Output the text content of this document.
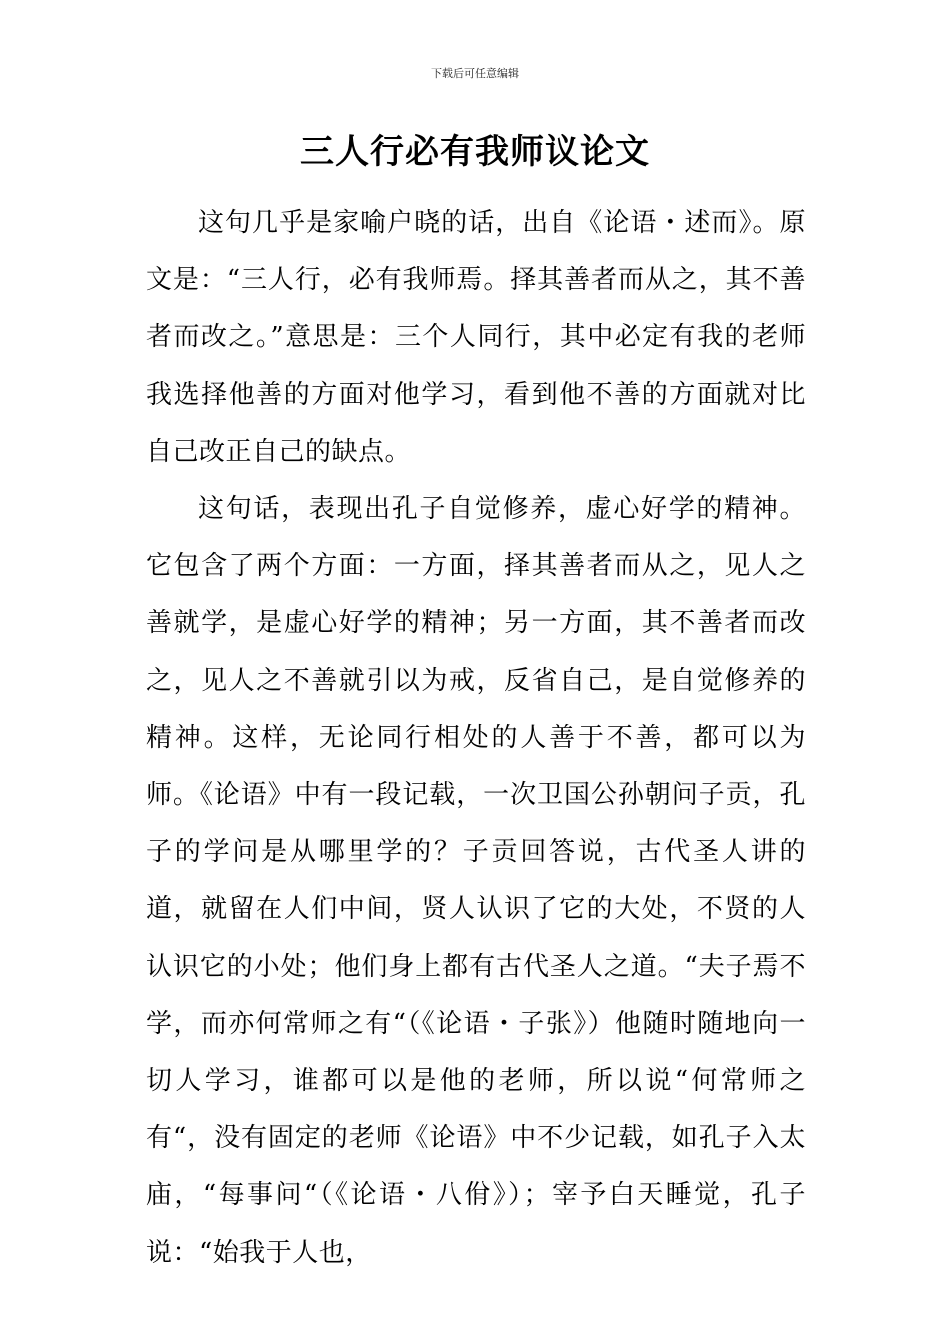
下载后可任意编辑
三人行必有我师议论文

这句几乎是家喻户晓的话，出自《论语・述而》。原文是：“三人行，必有我师焉。择其善者而从之，其不善者而改之。”意思是：三个人同行，其中必定有我的老师我选择他善的方面对他学习，看到他不善的方面就对比自己改正自己的缺点。

这句话，表现出孔子自觉修养，虚心好学的精神。它包含了两个方面：一方面，择其善者而从之，见人之善就学，是虚心好学的精神；另一方面，其不善者而改之，见人之不善就引以为戒，反省自己，是自觉修养的精神。这样，无论同行相处的人善于不善，都可以为师。《论语》中有一段记载，一次卫国公孙朝问子贡，孔子的学问是从哪里学的？子贡回答说，古代圣人讲的道，就留在人们中间，贤人认识了它的大处，不贤的人认识它的小处；他们身上都有古代圣人之道。“夫子焉不学，而亦何常师之有“（《论语・子张》）他随时随地向一切人学习，谁都可以是他的老师，所以说“何常师之有“，没有固定的老师《论语》中不少记载，如孔子入太庙，“每事问“（《论语・八佾》）；宰予白天睡觉，孔子说：“始我于人也，
